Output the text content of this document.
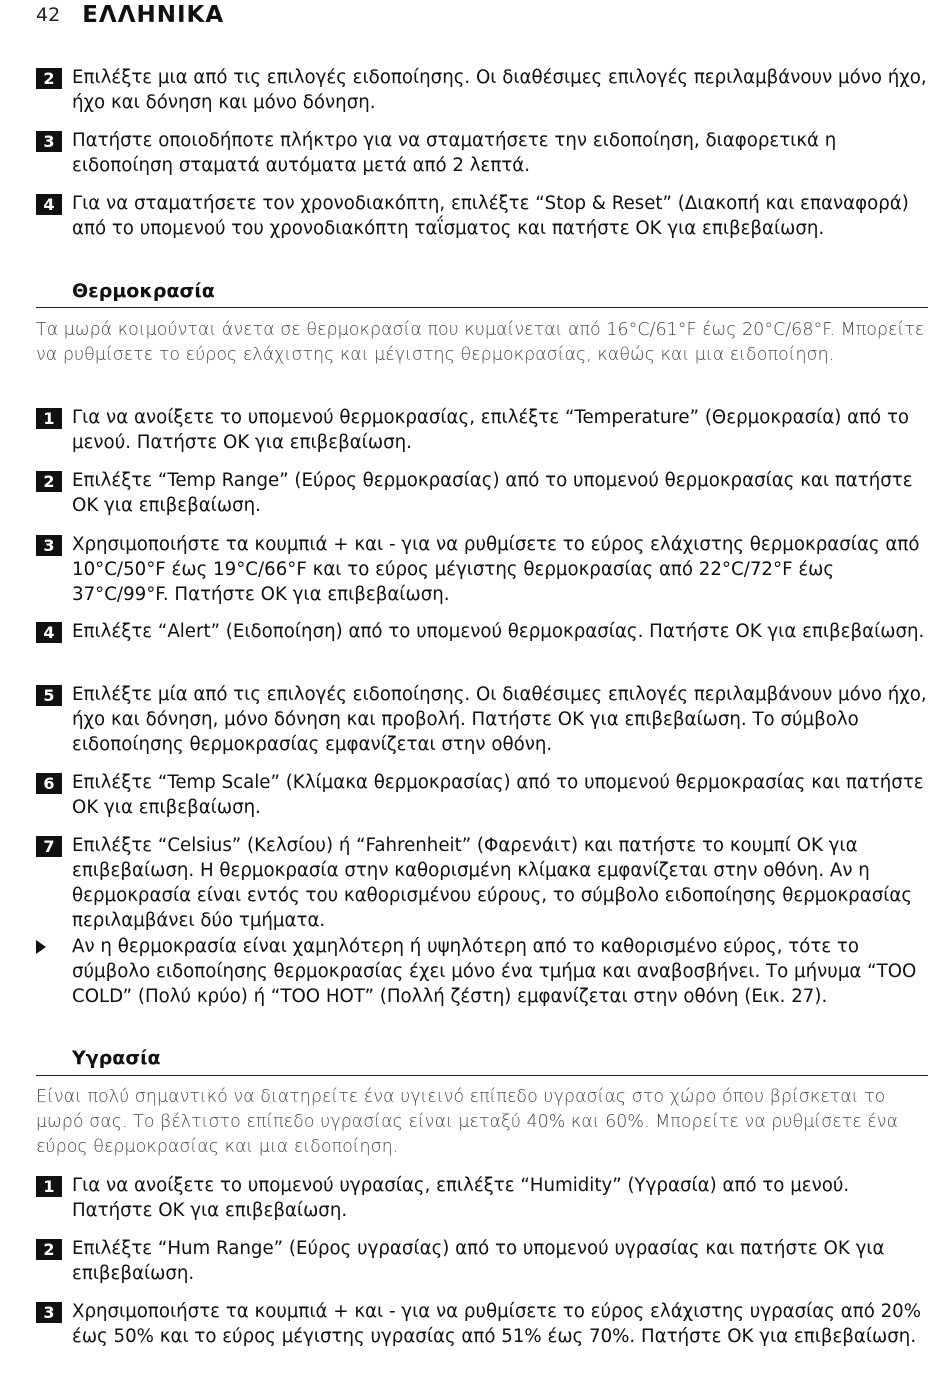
42 ΕΛΛΗΝΙΚΑ
2 Επιλέξτε μια από τις επιλογές ειδοποίησης. Οι διαθέσιμες επιλογές περιλαμβάνουν μόνο ήχο, ήχο και δόνηση και μόνο δόνηση.
3 Πατήστε οποιοδήποτε πλήκτρο για να σταματήσετε την ειδοποίηση, διαφορετικά η ειδοποίηση σταματά αυτόματα μετά από 2 λεπτά.
4 Για να σταματήσετε τον χρονοδιακόπτη, επιλέξτε “Stop & Reset” (Διακοπή και επαναφορά) από το υπομενού του χρονοδιακόπτη ταΐσματος και πατήστε OK για επιβεβαίωση.
Θερμοκρασία
Τα μωρά κοιμούνται άνετα σε θερμοκρασία που κυμαίνεται από 16°C/61°F έως 20°C/68°F. Μπορείτε να ρυθμίσετε το εύρος ελάχιστης και μέγιστης θερμοκρασίας, καθώς και μια ειδοποίηση.
1 Για να ανοίξετε το υπομενού θερμοκρασίας, επιλέξτε “Temperature” (Θερμοκρασία) από το μενού. Πατήστε OK για επιβεβαίωση.
2 Επιλέξτε “Temp Range” (Εύρος θερμοκρασίας) από το υπομενού θερμοκρασίας και πατήστε OK για επιβεβαίωση.
3 Χρησιμοποιήστε τα κουμπιά + και - για να ρυθμίσετε το εύρος ελάχιστης θερμοκρασίας από 10°C/50°F έως 19°C/66°F και το εύρος μέγιστης θερμοκρασίας από 22°C/72°F έως 37°C/99°F. Πατήστε OK για επιβεβαίωση.
4 Επιλέξτε “Alert” (Ειδοποίηση) από το υπομενού θερμοκρασίας. Πατήστε OK για επιβεβαίωση.
5 Επιλέξτε μία από τις επιλογές ειδοποίησης. Οι διαθέσιμες επιλογές περιλαμβάνουν μόνο ήχο, ήχο και δόνηση, μόνο δόνηση και προβολή. Πατήστε OK για επιβεβαίωση. Το σύμβολο ειδοποίησης θερμοκρασίας εμφανίζεται στην οθόνη.
6 Επιλέξτε “Temp Scale” (Κλίμακα θερμοκρασίας) από το υπομενού θερμοκρασίας και πατήστε OK για επιβεβαίωση.
7 Επιλέξτε “Celsius” (Κελσίου) ή “Fahrenheit” (Φαρενάιτ) και πατήστε το κουμπί OK για επιβεβαίωση. Η θερμοκρασία στην καθορισμένη κλίμακα εμφανίζεται στην οθόνη. Αν η θερμοκρασία είναι εντός του καθορισμένου εύρους, το σύμβολο ειδοποίησης θερμοκρασίας περιλαμβάνει δύο τμήματα.
Αν η θερμοκρασία είναι χαμηλότερη ή υψηλότερη από το καθορισμένο εύρος, τότε το σύμβολο ειδοποίησης θερμοκρασίας έχει μόνο ένα τμήμα και αναβοσβήνει. Το μήνυμα “TOO COLD” (Πολύ κρύο) ή “TOO HOT” (Πολλή ζέστη) εμφανίζεται στην οθόνη (Εικ. 27).
Υγρασία
Είναι πολύ σημαντικό να διατηρείτε ένα υγιεινό επίπεδο υγρασίας στο χώρο όπου βρίσκεται το μωρό σας. Το βέλτιστο επίπεδο υγρασίας είναι μεταξύ 40% και 60%. Μπορείτε να ρυθμίσετε ένα εύρος θερμοκρασίας και μια ειδοποίηση.
1 Για να ανοίξετε το υπομενού υγρασίας, επιλέξτε “Humidity” (Υγρασία) από το μενού. Πατήστε OK για επιβεβαίωση.
2 Επιλέξτε “Hum Range” (Εύρος υγρασίας) από το υπομενού υγρασίας και πατήστε OK για επιβεβαίωση.
3 Χρησιμοποιήστε τα κουμπιά + και - για να ρυθμίσετε το εύρος ελάχιστης υγρασίας από 20% έως 50% και το εύρος μέγιστης υγρασίας από 51% έως 70%. Πατήστε OK για επιβεβαίωση.
